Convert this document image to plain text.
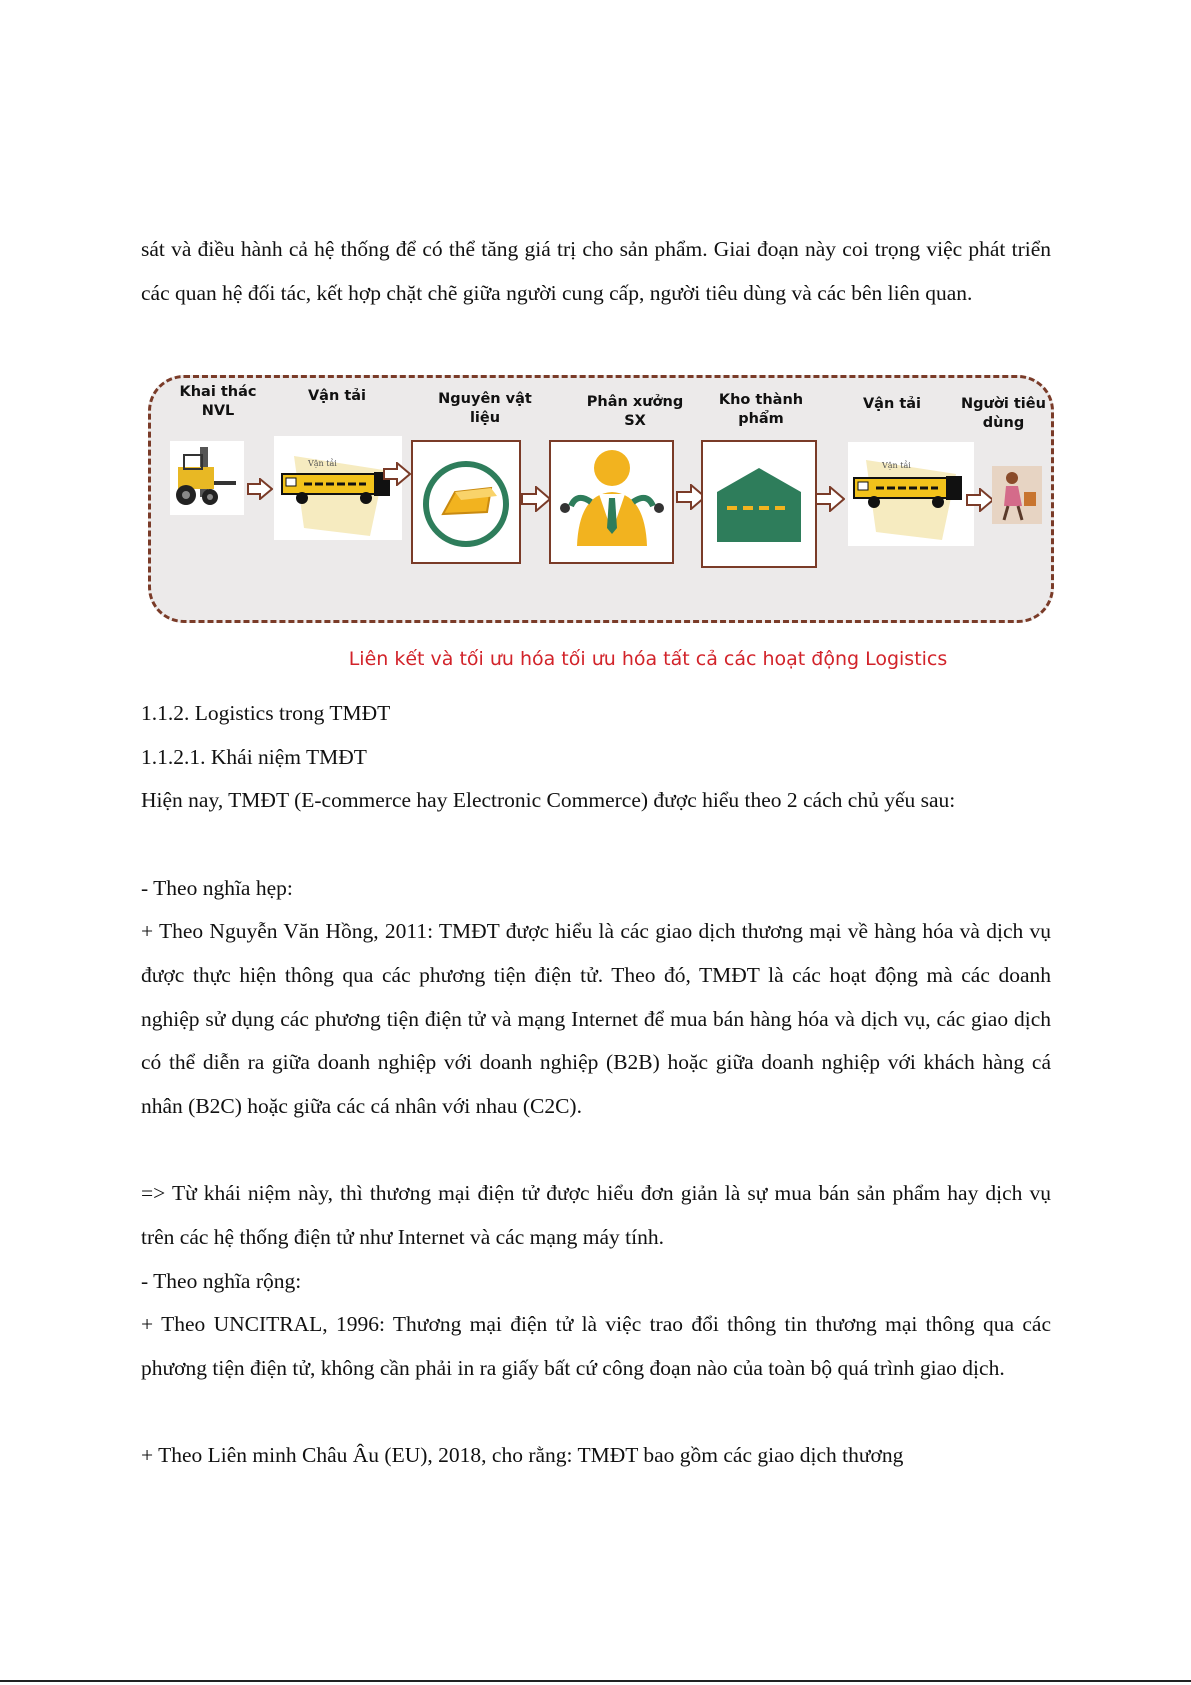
sát và điều hành cả hệ thống để có thể tăng giá trị cho sản phẩm. Giai đoạn này coi trọng việc phát triển các quan hệ đối tác, kết hợp chặt chẽ giữa người cung cấp, người tiêu dùng và các bên liên quan.

Khai thác
NVL
Vận tải	Nguyên vật
liệu
Phân xưởng
SX
Kho thành
phẩm
Vận tải	Người tiêu
dùng
Vận tải	Vận tải
Liên kết và tối ưu hóa tối ưu hóa tất cả các hoạt động Logistics

1.1.2. Logistics trong TMĐT

1.1.2.1. Khái niệm TMĐT

Hiện nay, TMĐT (E-commerce hay Electronic Commerce) được hiểu theo 2 cách chủ yếu sau:

- Theo nghĩa hẹp:

+ Theo Nguyễn Văn Hồng, 2011: TMĐT được hiểu là các giao dịch thương mại về hàng hóa và dịch vụ được thực hiện thông qua các phương tiện điện tử. Theo đó, TMĐT là các hoạt động mà các doanh nghiệp sử dụng các phương tiện điện tử và mạng Internet để mua bán hàng hóa và dịch vụ, các giao dịch có thể diễn ra giữa doanh nghiệp với doanh nghiệp (B2B) hoặc giữa doanh nghiệp với khách hàng cá nhân (B2C) hoặc giữa các cá nhân với nhau (C2C).

=> Từ khái niệm này, thì thương mại điện tử được hiểu đơn giản là sự mua bán sản phẩm hay dịch vụ trên các hệ thống điện tử như Internet và các mạng máy tính.

- Theo nghĩa rộng:

+ Theo UNCITRAL, 1996: Thương mại điện tử là việc trao đổi thông tin thương mại thông qua các phương tiện điện tử, không cần phải in ra giấy bất cứ công đoạn nào của toàn bộ quá trình giao dịch.

+ Theo Liên minh Châu Âu (EU), 2018, cho rằng: TMĐT bao gồm các giao dịch thương
